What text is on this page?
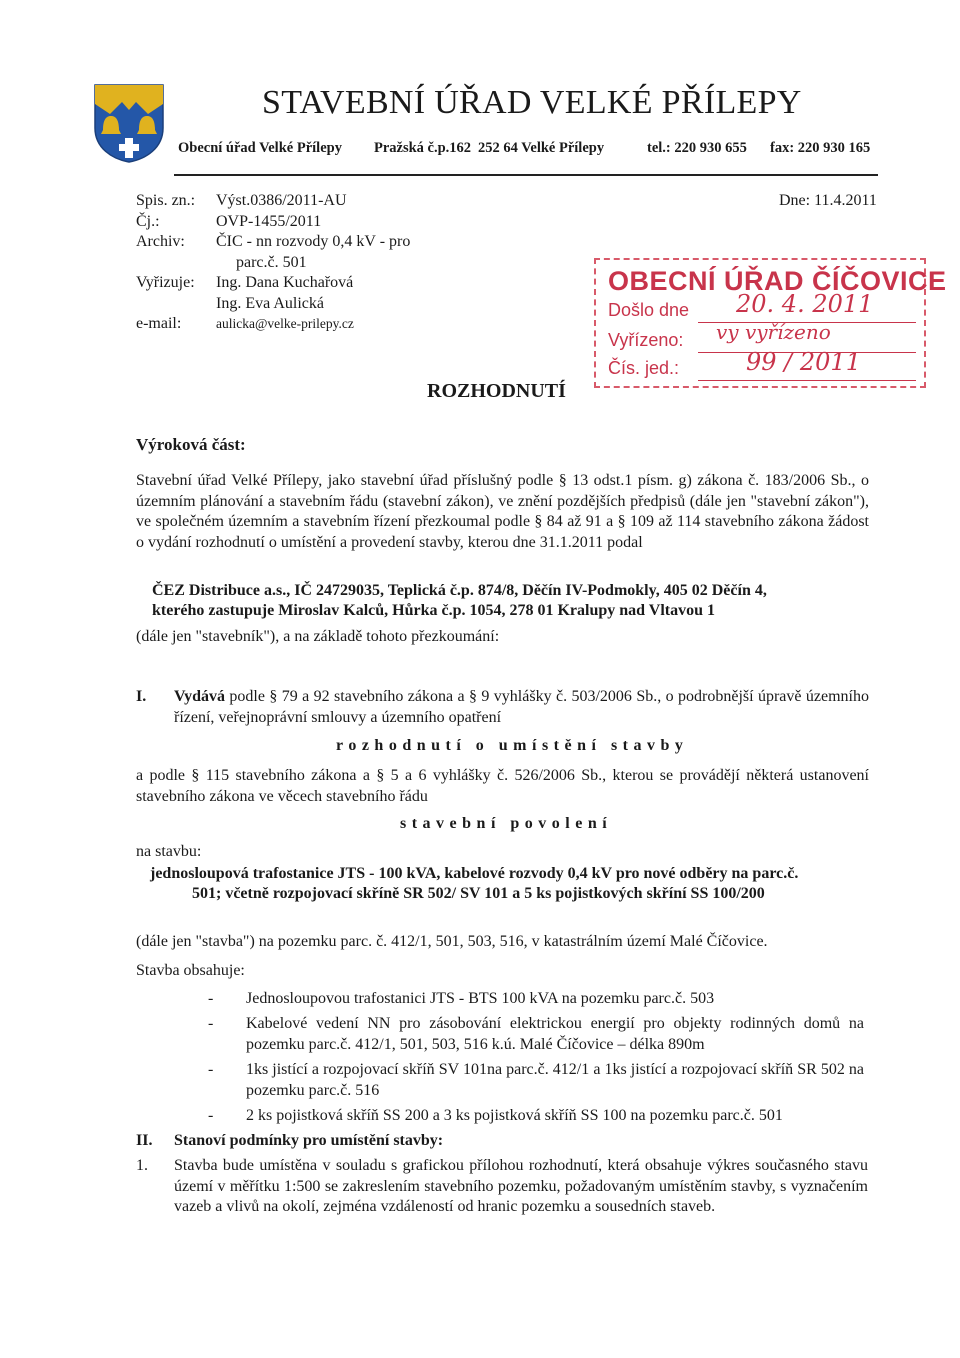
STAVEBNÍ ÚŘAD VELKÉ PŘÍLEPY
Obecní úřad Velké Přílepy Pražská č.p.162 252 64 Velké Přílepy	tel.: 220 930 655 fax: 220 930 165
Spis. zn.:
Čj.:
Archiv:

Vyřizuje:

e-mail:
Výst.0386/2011-AU
OVP-1455/2011
ČIC - nn rozvody 0,4 kV - pro
parc.č. 501
Ing. Dana Kuchařová
Ing. Eva Aulická
aulicka@velke-prilepy.cz
Dne: 11.4.2011
OBECNÍ ÚŘAD ČÍČOVICE
Došlo dne 20. 4. 2011
Vyřízeno: vy vyřízeno
Čís. jed.:	99 / 2011
ROZHODNUTÍ
Výroková část:
Stavební úřad Velké Přílepy, jako stavební úřad příslušný podle § 13 odst.1 písm. g) zákona č. 183/2006 Sb., o územním plánování a stavebním řádu (stavební zákon), ve znění pozdějších předpisů (dále jen "stavební zákon"), ve společném územním a stavebním řízení přezkoumal podle § 84 až 91 a § 109 až 114 stavebního zákona žádost o vydání rozhodnutí o umístění a provedení stavby, kterou dne 31.1.2011 podal
ČEZ Distribuce a.s., IČ 24729035, Teplická č.p. 874/8, Děčín IV-Podmokly, 405 02 Děčín 4,
kterého zastupuje Miroslav Kalců, Hůrka č.p. 1054, 278 01 Kralupy nad Vltavou 1
(dále jen "stavebník"), a na základě tohoto přezkoumání:
I. Vydává podle § 79 a 92 stavebního zákona a § 9 vyhlášky č. 503/2006 Sb., o podrobnější úpravě územního řízení, veřejnoprávní smlouvy a územního opatření
rozhodnutí o umístění stavby
a podle § 115 stavebního zákona a § 5 a 6 vyhlášky č. 526/2006 Sb., kterou se provádějí některá ustanovení stavebního zákona ve věcech stavebního řádu
stavební povolení
na stavbu:
jednosloupová trafostanice JTS - 100 kVA, kabelové rozvody 0,4 kV pro nové odběry na parc.č.
501; včetně rozpojovací skříně SR 502/ SV 101 a 5 ks pojistkových skříní SS 100/200
(dále jen "stavba") na pozemku parc. č. 412/1, 501, 503, 516, v katastrálním území Malé Číčovice.
Stavba obsahuje:
- Jednosloupovou trafostanici JTS - BTS 100 kVA na pozemku parc.č. 503
- Kabelové vedení NN pro zásobování elektrickou energií pro objekty rodinných domů na pozemku parc.č. 412/1, 501, 503, 516 k.ú. Malé Číčovice – délka 890m
- 1ks jistící a rozpojovací skříň SV 101na parc.č. 412/1 a 1ks jistící a rozpojovací skříň SR 502 na pozemku parc.č. 516
- 2 ks pojistková skříň SS 200 a 3 ks pojistková skříň SS 100 na pozemku parc.č. 501
II. Stanoví podmínky pro umístění stavby:
1. Stavba bude umístěna v souladu s grafickou přílohou rozhodnutí, která obsahuje výkres současného stavu území v měřítku 1:500 se zakreslením stavebního pozemku, požadovaným umístěním stavby, s vyznačením vazeb a vlivů na okolí, zejména vzdáleností od hranic pozemku a sousedních staveb.
